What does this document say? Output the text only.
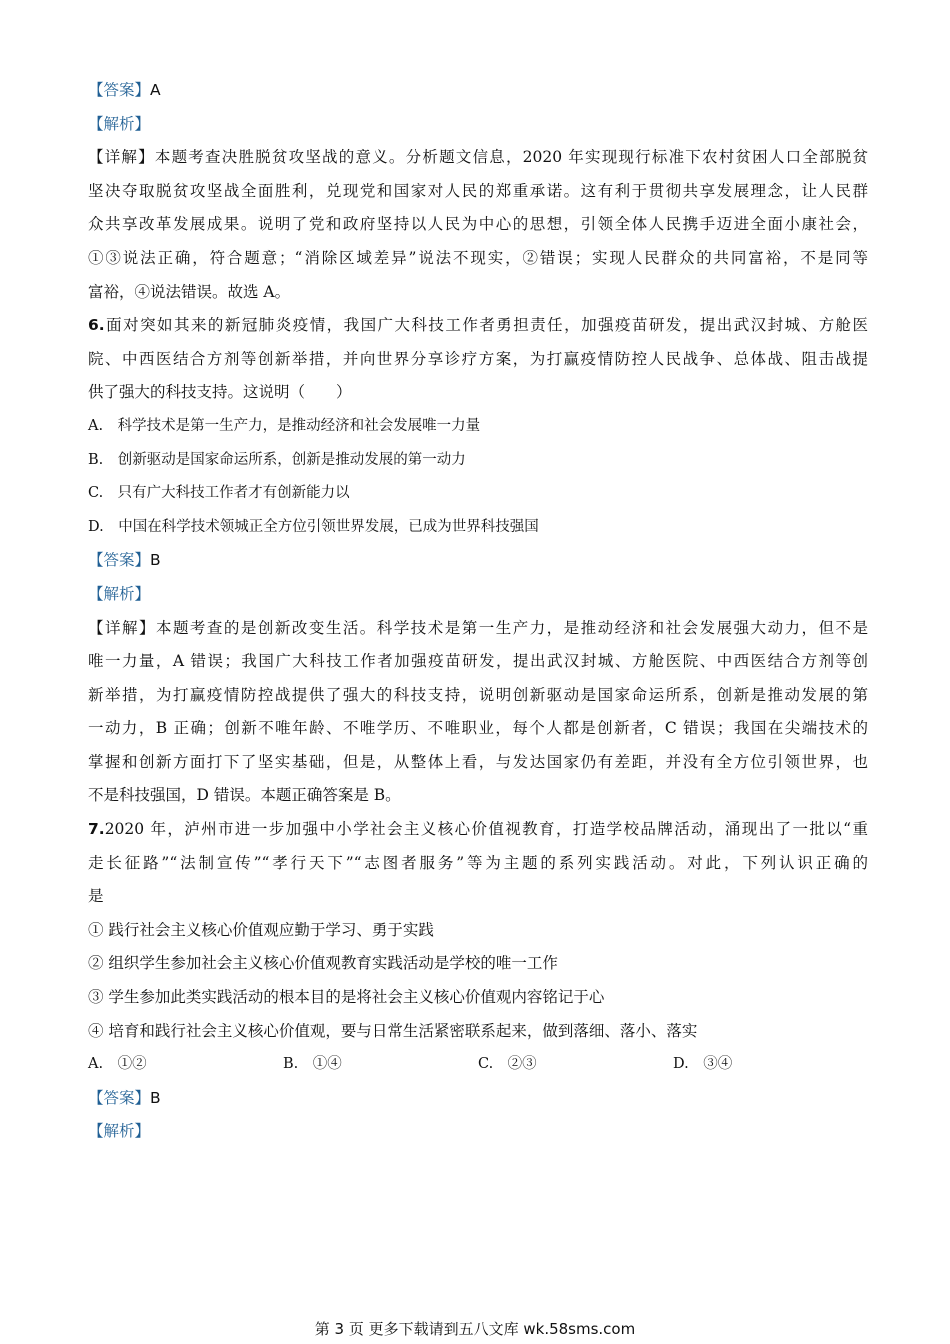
【答案】A
【解析】
【详解】本题考查决胜脱贫攻坚战的意义。分析题文信息，2020 年实现现行标准下农村贫困人口全部脱贫
坚决夺取脱贫攻坚战全面胜利，兑现党和国家对人民的郑重承诺。这有利于贯彻共享发展理念，让人民群
众共享改革发展成果。说明了党和政府坚持以人民为中心的思想，引领全体人民携手迈进全面小康社会，
①③说法正确，符合题意；“消除区域差异”说法不现实，②错误；实现人民群众的共同富裕，不是同等
富裕，④说法错误。故选 A。
6.面对突如其来的新冠肺炎疫情，我国广大科技工作者勇担责任，加强疫苗研发，提出武汉封城、方舱医
院、中西医结合方剂等创新举措，并向世界分享诊疗方案，为打赢疫情防控人民战争、总体战、阻击战提
供了强大的科技支持。这说明（　　）
A.　科学技术是第一生产力，是推动经济和社会发展唯一力量
B.　创新驱动是国家命运所系，创新是推动发展的第一动力
C.　只有广大科技工作者才有创新能力以
D.　中国在科学技术领城正全方位引领世界发展，已成为世界科技强国
【答案】B
【解析】
【详解】本题考查的是创新改变生活。科学技术是第一生产力，是推动经济和社会发展强大动力，但不是
唯一力量，A 错误；我国广大科技工作者加强疫苗研发，提出武汉封城、方舱医院、中西医结合方剂等创
新举措，为打赢疫情防控战提供了强大的科技支持，说明创新驱动是国家命运所系，创新是推动发展的第
一动力，B 正确；创新不唯年龄、不唯学历、不唯职业，每个人都是创新者，C 错误；我国在尖端技术的
掌握和创新方面打下了坚实基础，但是，从整体上看，与发达国家仍有差距，并没有全方位引领世界，也
不是科技强国，D 错误。本题正确答案是 B。
7.2020 年，泸州市进一步加强中小学社会主义核心价值视教育，打造学校品牌活动，涌现出了一批以“重
走长征路”“法制宣传”“孝行天下”“志图者服务”等为主题的系列实践活动。对此，下列认识正确的
是
① 践行社会主义核心价值观应勤于学习、勇于实践
② 组织学生参加社会主义核心价值观教育实践活动是学校的唯一工作
③ 学生参加此类实践活动的根本目的是将社会主义核心价值观内容铭记于心
④ 培育和践行社会主义核心价值观，要与日常生活紧密联系起来，做到落细、落小、落实
A.　①②	B.　①④	C.　②③	D.　③④
【答案】B
【解析】
第 3 页 更多下载请到五八文库 wk.58sms.com
